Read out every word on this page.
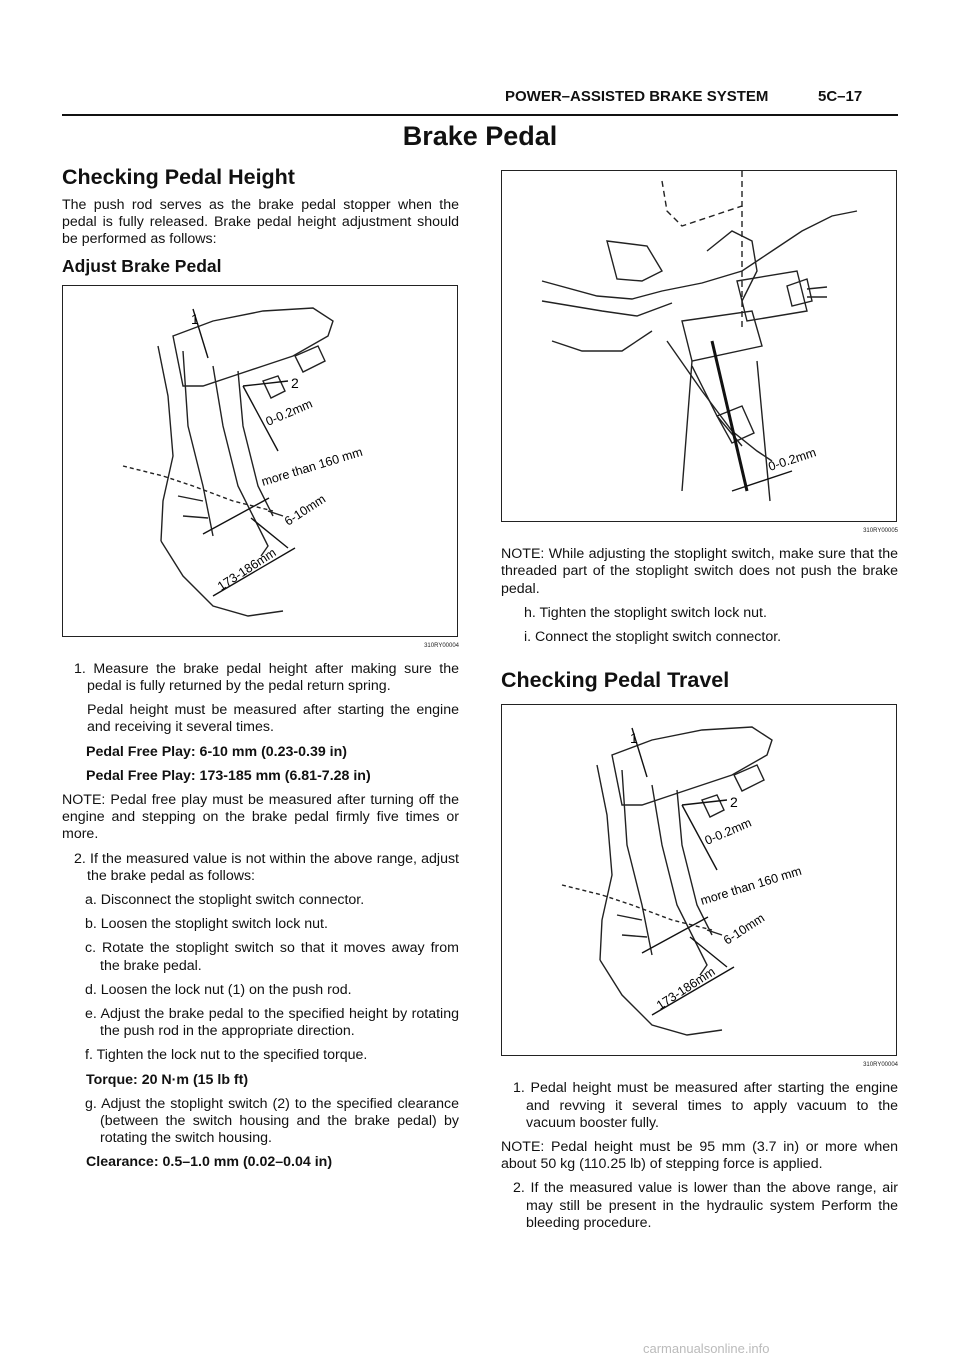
POWER–ASSISTED BRAKE SYSTEM	5C–17
Brake Pedal
Checking Pedal Height

The push rod serves as the brake pedal stopper when the pedal is fully released. Brake pedal height adjustment should be performed as follows:

Adjust Brake Pedal
1
2
0-0.2mm
more than 160 mm
6-10mm
173-186mm
310RY00004

1. Measure the brake pedal height after making sure the pedal is fully returned by the pedal return spring.

Pedal height must be measured after starting the engine and receiving it several times.

Pedal Free Play: 6-10 mm (0.23-0.39 in)

Pedal Free Play: 173-185 mm (6.81-7.28 in)

NOTE: Pedal free play must be measured after turning off the engine and stepping on the brake pedal firmly five times or more.

2. If the measured value is not within the above range, adjust the brake pedal as follows:

a. Disconnect the stoplight switch connector.

b. Loosen the stoplight switch lock nut.

c. Rotate the stoplight switch so that it moves away from the brake pedal.

d. Loosen the lock nut (1) on the push rod.

e. Adjust the brake pedal to the specified height by rotating the push rod in the appropriate direction.

f. Tighten the lock nut to the specified torque.

Torque: 20 N·m (15 lb ft)

g. Adjust the stoplight switch (2) to the specified clearance (between the switch housing and the brake pedal) by rotating the switch housing.

Clearance: 0.5–1.0 mm (0.02–0.04 in)

0-0.2mm
310RY00005

NOTE: While adjusting the stoplight switch, make sure that the threaded part of the stoplight switch does not push the brake pedal.

h. Tighten the stoplight switch lock nut.

i. Connect the stoplight switch connector.

Checking Pedal Travel
1
2
0-0.2mm
more than 160 mm
6-10mm
173-186mm
310RY00004

1. Pedal height must be measured after starting the engine and revving it several times to apply vacuum to the vacuum booster fully.

NOTE: Pedal height must be 95 mm (3.7 in) or more when about 50 kg (110.25 lb) of stepping force is applied.

2. If the measured value is lower than the above range, air may still be present in the hydraulic system Perform the bleeding procedure.

carmanualsonline.info
